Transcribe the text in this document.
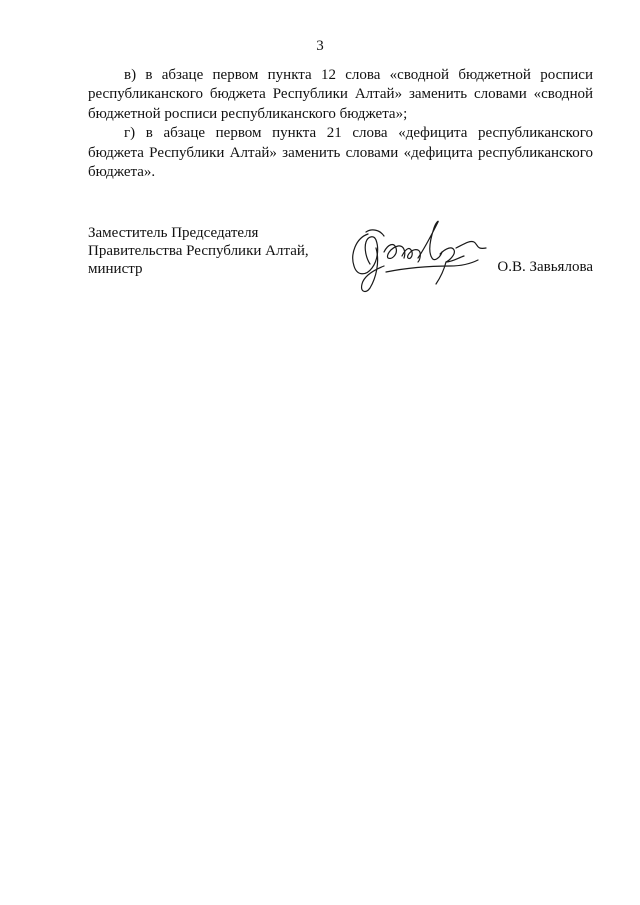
3

в) в абзаце первом пункта 12 слова «сводной бюджетной росписи республиканского бюджета Республики Алтай» заменить словами «сводной бюджетной росписи республиканского бюджета»;

г) в абзаце первом пункта 21 слова «дефицита республиканского бюджета Республики Алтай» заменить словами «дефицита республиканского бюджета».

Заместитель Председателя
Правительства Республики Алтай,
министр	О.В. Завьялова
